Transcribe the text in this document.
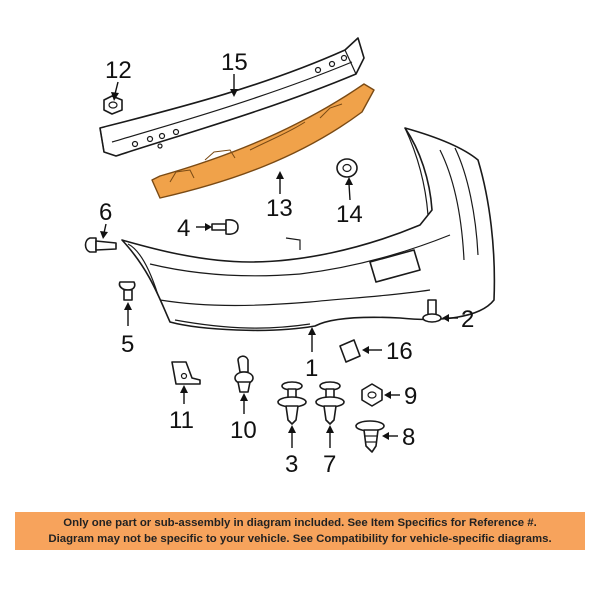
12	15
13 14
4
6
5
2
1
16
11 10
3 7
9
8
Only one part or sub-assembly in diagram included. See Item Specifics for Reference #.
Diagram may not be specific to your vehicle. See Compatibility for vehicle-specific diagrams.
